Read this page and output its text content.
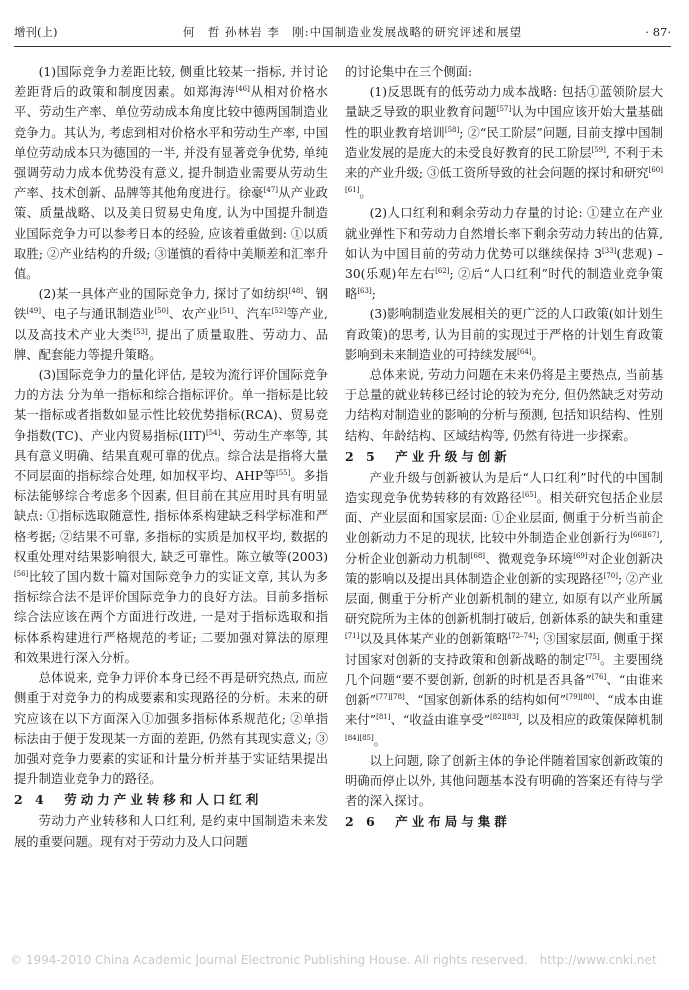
增刊(上)	何　哲 孙林岩 李　刚:中国制造业发展战略的研究评述和展望	· 87·

(1)国际竞争力差距比较, 侧重比较某一指标, 并讨论差距背后的政策和制度因素。如郑海涛[46]从相对价格水平、劳动生产率、单位劳动成本角度比较中德两国制造业竞争力。其认为, 考虑到相对价格水平和劳动生产率, 中国单位劳动成本只为德国的一半, 并没有显著竞争优势, 单纯强调劳动力成本优势没有意义, 提升制造业需要从劳动生产率、技术创新、品牌等其他角度进行。徐豪[47]从产业政策、质量战略、以及美日贸易史角度, 认为中国提升制造业国际竞争力可以参考日本的经验, 应该着重做到: ①以质取胜; ②产业结构的升级; ③谨慎的看待中美顺差和汇率升值。

(2)某一具体产业的国际竞争力, 探讨了如纺织[48]、钢铁[49]、电子与通讯制造业[50]、农产业[51]、汽车[52]等产业, 以及高技术产业大类[53], 提出了质量取胜、劳动力、品牌、配套能力等提升策略。

(3)国际竞争力的量化评估, 是较为流行评价国际竞争力的方法 分为单一指标和综合指标评价。单一指标是比较某一指标或者指数如显示性比较优势指标(RCA)、贸易竞争指数(TC)、产业内贸易指标(IIT)[54]、劳动生产率等, 其具有意义明确、结果直观可靠的优点。综合法是指将大量不同层面的指标综合处理, 如加权平均、AHP等[55]。多指标法能够综合考虑多个因素, 但目前在其应用时具有明显缺点: ①指标选取随意性, 指标体系构建缺乏科学标准和严格考据; ②结果不可靠, 多指标的实质是加权平均, 数据的权重处理对结果影响很大, 缺乏可靠性。陈立敏等(2003)[56]比较了国内数十篇对国际竞争力的实证文章, 其认为多指标综合法不是评价国际竞争力的良好方法。目前多指标综合法应该在两个方面进行改进, 一是对于指标选取和指标体系构建进行严格规范的考证; 二要加强对算法的原理和效果进行深入分析。

总体说来, 竞争力评价本身已经不再是研究热点, 而应侧重于对竞争力的构成要素和实现路径的分析。未来的研究应该在以下方面深入①加强多指标体系规范化; ②单指标法由于便于发现某一方面的差距, 仍然有其现实意义; ③加强对竞争力要素的实证和计量分析并基于实证结果提出提升制造业竞争力的路径。

2 4　劳动力产业转移和人口红利

劳动力产业转移和人口红利, 是约束中国制造未来发展的重要问题。现有对于劳动力及人口问题

的讨论集中在三个侧面:

(1)反思既有的低劳动力成本战略: 包括①蓝领阶层大量缺乏导致的职业教育问题[57]认为中国应该开始大量基础性的职业教育培训[58]; ②“民工阶层”问题, 目前支撑中国制造业发展的是庞大的未受良好教育的民工阶层[59], 不利于未来的产业升级; ③低工资所导致的社会问题的探讨和研究[60][61]。

(2)人口红利和剩余劳动力存量的讨论: ①建立在产业就业弹性下和劳动力自然增长率下剩余劳动力转出的估算, 如认为中国目前的劳动力优势可以继续保持 3[33](悲观) – 30(乐观)年左右[62]; ②后“人口红利”时代的制造业竞争策略[63];

(3)影响制造业发展相关的更广泛的人口政策(如计划生育政策)的思考, 认为目前的实现过于严格的计划生育政策影响到未来制造业的可持续发展[64]。

总体来说, 劳动力问题在未来仍将是主要热点, 当前基于总量的就业转移已经讨论的较为充分, 但仍然缺乏对劳动力结构对制造业的影响的分析与预测, 包括知识结构、性别结构、年龄结构、区域结构等, 仍然有待进一步探索。

2 5　产业升级与创新

产业升级与创新被认为是后“人口红利”时代的中国制造实现竞争优势转移的有效路径[65]。相关研究包括企业层面、产业层面和国家层面: ①企业层面, 侧重于分析当前企业创新动力不足的现状, 比较中外制造企业创新行为[66][67], 分析企业创新动力机制[68]、微观竞争环境[69]对企业创新决策的影响以及提出具体制造企业创新的实现路径[70]; ②产业层面, 侧重于分析产业创新机制的建立, 如原有以产业所属研究院所为主体的创新机制打破后, 创新体系的缺失和重建[71]以及具体某产业的创新策略[72–74]; ③国家层面, 侧重于探讨国家对创新的支持政策和创新战略的制定[75]。主要围绕几个问题“要不要创新, 创新的时机是否具备”[76]、“由谁来创新”[77][78]、“国家创新体系的结构如何”[79][80]、“成本由谁来付”[81]、“收益由谁享受”[82][83], 以及相应的政策保障机制[84][85]。

以上问题, 除了创新主体的争论伴随着国家创新政策的明确而停止以外, 其他问题基本没有明确的答案还有待与学者的深入探讨。

2 6　产业布局与集群
© 1994-2010 China Academic Journal Electronic Publishing House. All rights reserved.　http://www.cnki.net
